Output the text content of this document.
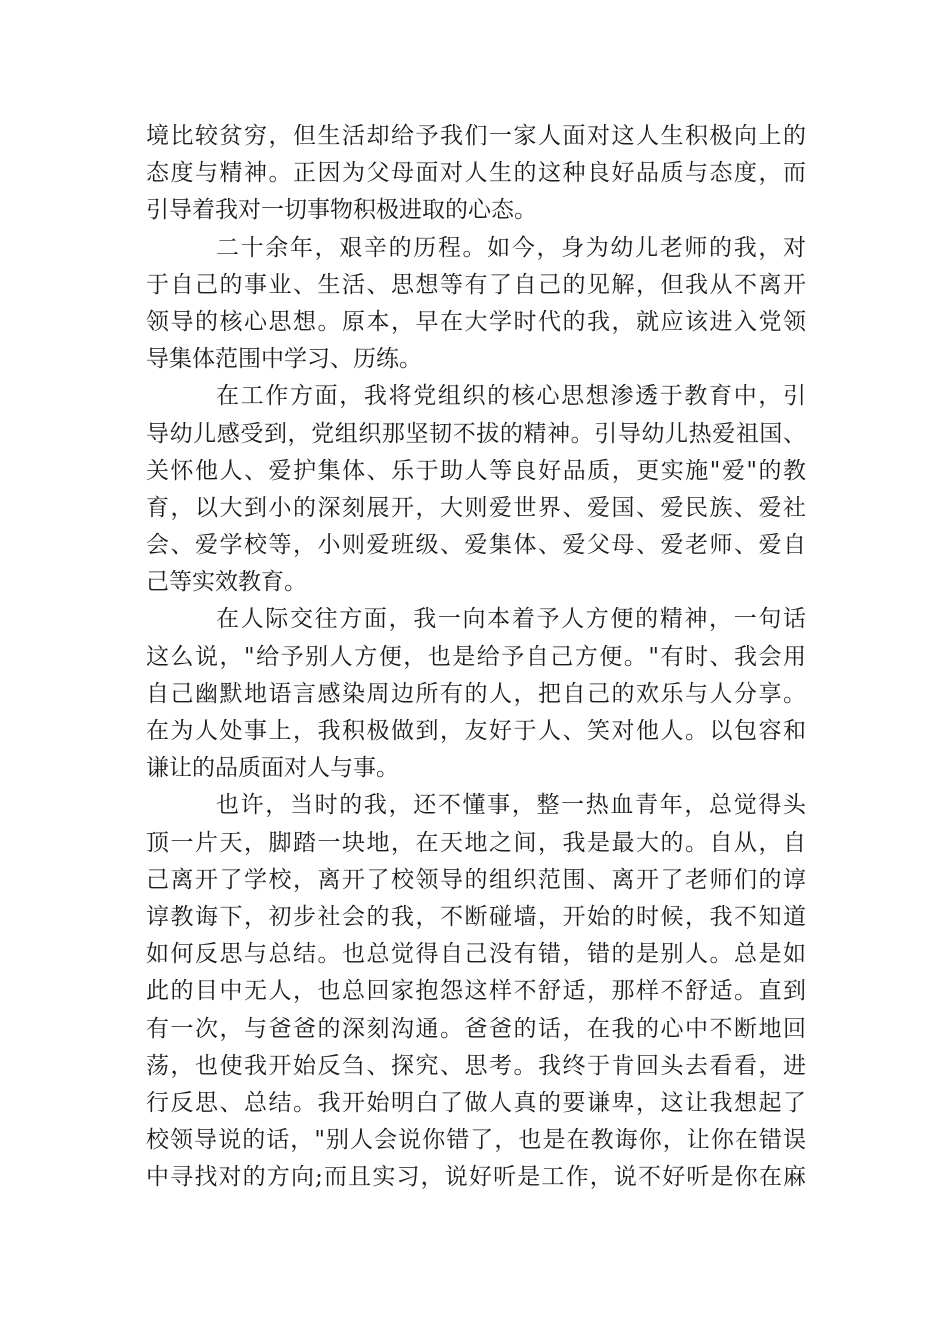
境比较贫穷，但生活却给予我们一家人面对这人生积极向上的
态度与精神。正因为父母面对人生的这种良好品质与态度，而
引导着我对一切事物积极进取的心态。
二十余年，艰辛的历程。如今，身为幼儿老师的我，对
于自己的事业、生活、思想等有了自己的见解，但我从不离开
领导的核心思想。原本，早在大学时代的我，就应该进入党领
导集体范围中学习、历练。
在工作方面，我将党组织的核心思想渗透于教育中，引
导幼儿感受到，党组织那坚韧不拔的精神。引导幼儿热爱祖国、
关怀他人、爱护集体、乐于助人等良好品质，更实施"爱"的教
育，以大到小的深刻展开，大则爱世界、爱国、爱民族、爱社
会、爱学校等，小则爱班级、爱集体、爱父母、爱老师、爱自
己等实效教育。
在人际交往方面，我一向本着予人方便的精神，一句话
这么说，"给予别人方便，也是给予自己方便。"有时、我会用
自己幽默地语言感染周边所有的人，把自己的欢乐与人分享。
在为人处事上，我积极做到，友好于人、笑对他人。以包容和
谦让的品质面对人与事。
也许，当时的我，还不懂事，整一热血青年，总觉得头
顶一片天，脚踏一块地，在天地之间，我是最大的。自从，自
己离开了学校，离开了校领导的组织范围、离开了老师们的谆
谆教诲下，初步社会的我，不断碰墙，开始的时候，我不知道
如何反思与总结。也总觉得自己没有错，错的是别人。总是如
此的目中无人，也总回家抱怨这样不舒适，那样不舒适。直到
有一次，与爸爸的深刻沟通。爸爸的话，在我的心中不断地回
荡，也使我开始反刍、探究、思考。我终于肯回头去看看，进
行反思、总结。我开始明白了做人真的要谦卑，这让我想起了
校领导说的话，"别人会说你错了，也是在教诲你，让你在错误
中寻找对的方向;而且实习，说好听是工作，说不好听是你在麻
